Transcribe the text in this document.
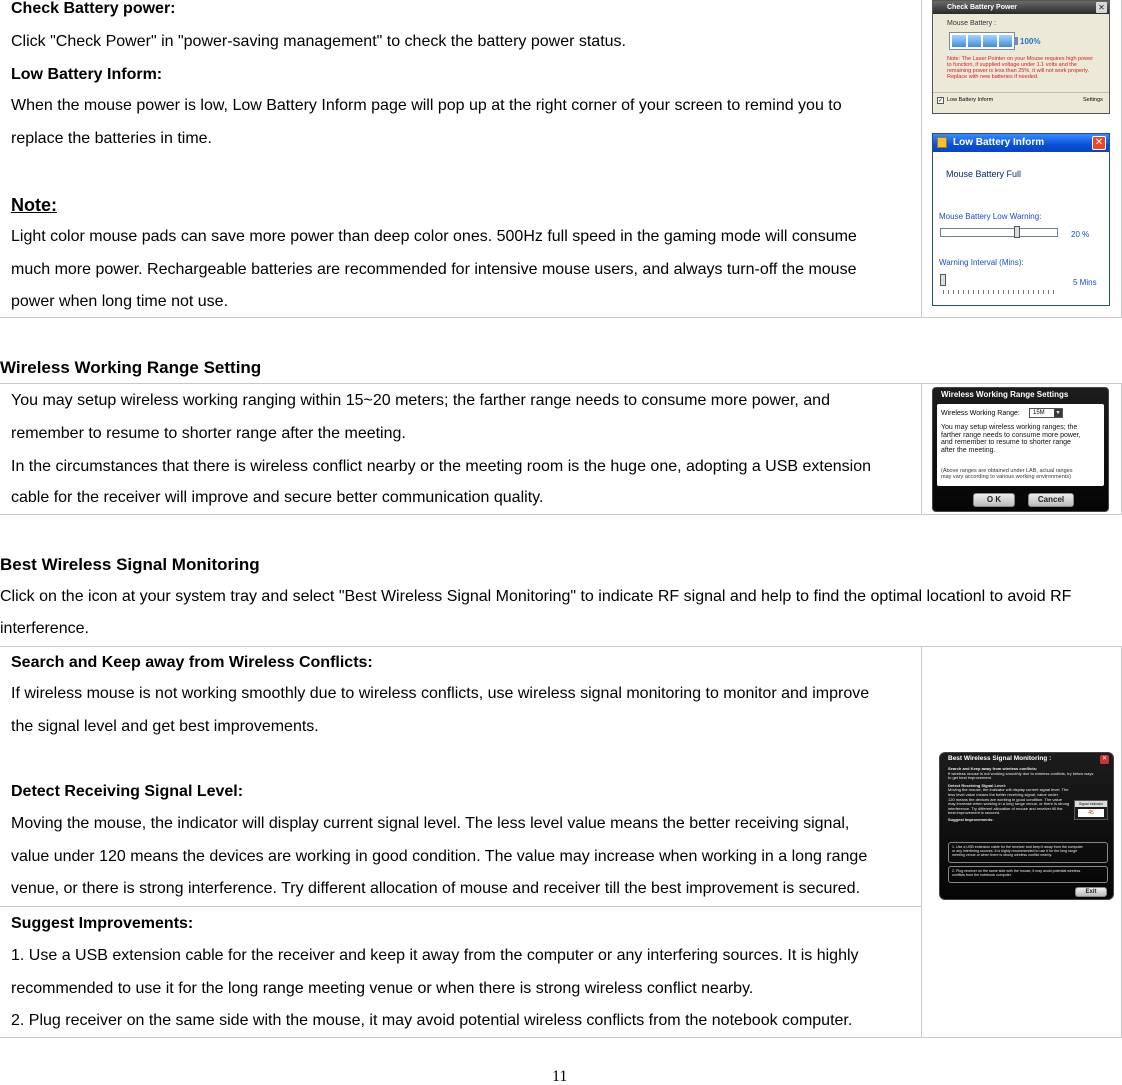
Check Battery power:
Click "Check Power" in "power-saving management" to check the battery power status.
Low Battery Inform:
When the mouse power is low, Low Battery Inform page will pop up at the right corner of your screen to remind you to
replace the batteries in time.
Note:
Light color mouse pads can save more power than deep color ones. 500Hz full speed in the gaming mode will consume
much more power. Rechargeable batteries are recommended for intensive mouse users, and always turn-off the mouse
power when long time not use.
Check Battery Power	✕
Mouse Battery :
100%
Note: The Laser Pointer on your Mouse requires high power
to function, if supplied voltage under 1.1 volts and the
remaining power is less than 25%, it will not work properly.
Replace with new batteries if needed.
✓ Low Battery Inform	Settings
Low Battery Inform	✕
Mouse Battery Full
Mouse Battery Low Warning:
20 %
Warning Interval (Mins):
5 Mins
Wireless Working Range Setting
You may setup wireless working ranging within 15~20 meters; the farther range needs to consume more power, and
remember to resume to shorter range after the meeting.
In the circumstances that there is wireless conflict nearby or the meeting room is the huge one, adopting a USB extension
cable for the receiver will improve and secure better communication quality.
Wireless Working Range Settings
Wireless Working Range:	15M	▼
You may setup wireless working ranges; the
farther range needs to consume more power,
and remember to resume to shorter range
after the meeting.
(Above ranges are obtained under LAB, actual ranges
may vary according to various working environments)
O K	Cancel
Best Wireless Signal Monitoring
Click on the icon at your system tray and select "Best Wireless Signal Monitoring" to indicate RF signal and help to find the optimal locationl to avoid RF
interference.
Search and Keep away from Wireless Conflicts:
If wireless mouse is not working smoothly due to wireless conflicts, use wireless signal monitoring to monitor and improve
the signal level and get best improvements.
Detect Receiving Signal Level:
Moving the mouse, the indicator will display current signal level. The less level value means the better receiving signal,
value under 120 means the devices are working in good condition. The value may increase when working in a long range
venue, or there is strong interference. Try different allocation of mouse and receiver till the best improvement is secured.
Suggest Improvements:
1. Use a USB extension cable for the receiver and keep it away from the computer or any interfering sources. It is highly
recommended to use it for the long range meeting venue or when there is strong wireless conflict nearby.
2. Plug receiver on the same side with the mouse, it may avoid potential wireless conflicts from the notebook computer.
Best Wireless Signal Monitoring :	✕
Search and Keep away from wireless conflicts:
If wireless mouse is not working smoothly due to wireless conflicts, try below ways
to get best improvement.
Detect Receiving Signal Level:
Moving the mouse, the indicator will display current signal level. The
less level value means the better receiving signal, value under
120 means the devices are working in good condition. The value
may increase when working in a long range venue, or there is strong
interference. Try different allocation of mouse and receiver till the
best improvement is secured.
Suggest Improvements:
Signal Indicator
45
1. Use a USB extension cable for the receiver and keep it away from the computer
or any interfering sources. It is highly recommended to use it for the long range
meeting venue or when there is strong wireless conflict nearby.
2. Plug receiver on the same side with the mouse, it may avoid potential wireless
conflicts from the notebook computer.
Exit
11
